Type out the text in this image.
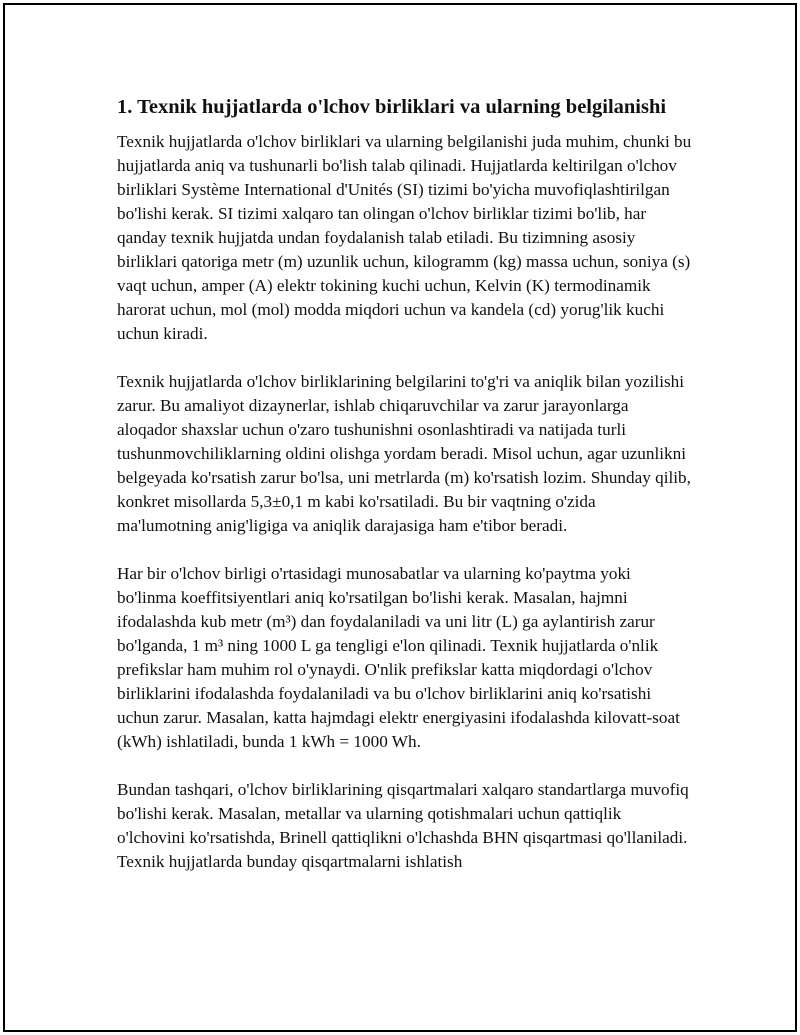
1. Texnik hujjatlarda o'lchov birliklari va ularning belgilanishi

Texnik hujjatlarda o'lchov birliklari va ularning belgilanishi juda muhim, chunki bu hujjatlarda aniq va tushunarli bo'lish talab qilinadi. Hujjatlarda keltirilgan o'lchov birliklari Système International d'Unités (SI) tizimi bo'yicha muvofiqlashtirilgan bo'lishi kerak. SI tizimi xalqaro tan olingan o'lchov birliklar tizimi bo'lib, har qanday texnik hujjatda undan foydalanish talab etiladi. Bu tizimning asosiy birliklari qatoriga metr (m) uzunlik uchun, kilogramm (kg) massa uchun, soniya (s) vaqt uchun, amper (A) elektr tokining kuchi uchun, Kelvin (K) termodinamik harorat uchun, mol (mol) modda miqdori uchun va kandela (cd) yorug'lik kuchi uchun kiradi.

Texnik hujjatlarda o'lchov birliklarining belgilarini to'g'ri va aniqlik bilan yozilishi zarur. Bu amaliyot dizaynerlar, ishlab chiqaruvchilar va zarur jarayonlarga aloqador shaxslar uchun o'zaro tushunishni osonlashtiradi va natijada turli tushunmovchiliklarning oldini olishga yordam beradi. Misol uchun, agar uzunlikni belgeyada ko'rsatish zarur bo'lsa, uni metrlarda (m) ko'rsatish lozim. Shunday qilib, konkret misollarda 5,3±0,1 m kabi ko'rsatiladi. Bu bir vaqtning o'zida ma'lumotning anig'ligiga va aniqlik darajasiga ham e'tibor beradi.

Har bir o'lchov birligi o'rtasidagi munosabatlar va ularning ko'paytma yoki bo'linma koeffitsiyentlari aniq ko'rsatilgan bo'lishi kerak. Masalan, hajmni ifodalashda kub metr (m³) dan foydalaniladi va uni litr (L) ga aylantirish zarur bo'lganda, 1 m³ ning 1000 L ga tengligi e'lon qilinadi. Texnik hujjatlarda o'nlik prefikslar ham muhim rol o'ynaydi. O'nlik prefikslar katta miqdordagi o'lchov birliklarini ifodalashda foydalaniladi va bu o'lchov birliklarini aniq ko'rsatishi uchun zarur. Masalan, katta hajmdagi elektr energiyasini ifodalashda kilovatt-soat (kWh) ishlatiladi, bunda 1 kWh = 1000 Wh.

Bundan tashqari, o'lchov birliklarining qisqartmalari xalqaro standartlarga muvofiq bo'lishi kerak. Masalan, metallar va ularning qotishmalari uchun qattiqlik o'lchovini ko'rsatishda, Brinell qattiqlikni o'lchashda BHN qisqartmasi qo'llaniladi. Texnik hujjatlarda bunday qisqartmalarni ishlatish
